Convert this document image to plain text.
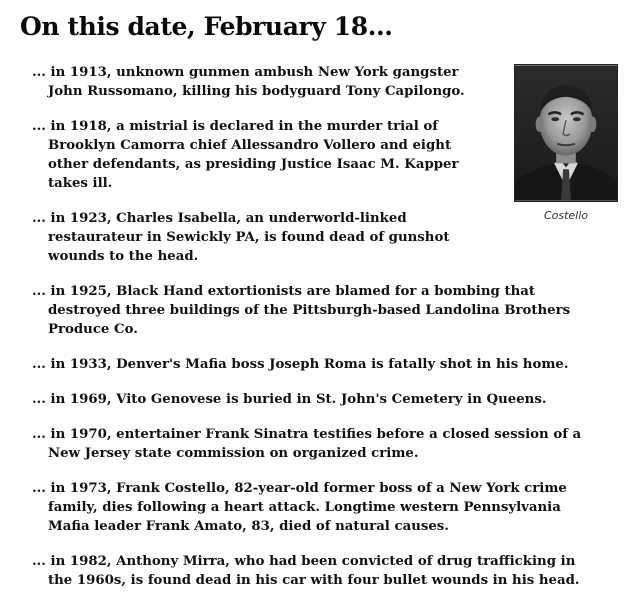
On this date, February 18...
... in 1913, unknown gunmen ambush New York gangster John Russomano, killing his bodyguard Tony Capilongo.
... in 1918, a mistrial is declared in the murder trial of Brooklyn Camorra chief Allessandro Vollero and eight other defendants, as presiding Justice Isaac M. Kapper takes ill.
... in 1923, Charles Isabella, an underworld-linked restaurateur in Sewickly PA, is found dead of gunshot wounds to the head.
... in 1925, Black Hand extortionists are blamed for a bombing that destroyed three buildings of the Pittsburgh-based Landolina Brothers Produce Co.
... in 1933, Denver's Mafia boss Joseph Roma is fatally shot in his home.
... in 1969, Vito Genovese is buried in St. John's Cemetery in Queens.
... in 1970, entertainer Frank Sinatra testifies before a closed session of a New Jersey state commission on organized crime.
... in 1973, Frank Costello, 82-year-old former boss of a New York crime family, dies following a heart attack. Longtime western Pennsylvania Mafia leader Frank Amato, 83, died of natural causes.
... in 1982, Anthony Mirra, who had been convicted of drug trafficking in the 1960s, is found dead in his car with four bullet wounds in his head.
Costello
